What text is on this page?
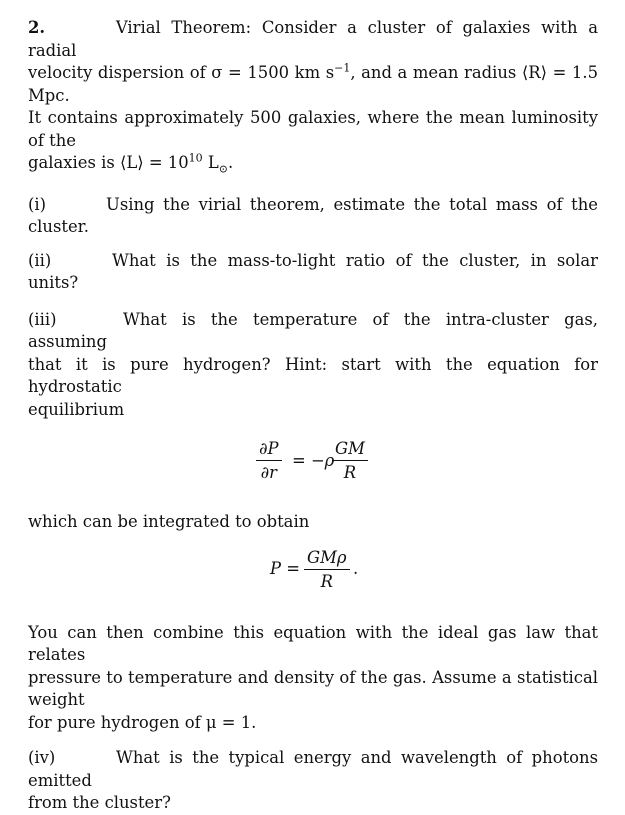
2.	Virial Theorem: Consider a cluster of galaxies with a radial
velocity dispersion of σ = 1500 km $s^{-1}$, and a mean radius ⟨R⟩ = 1.5 Mpc.
It contains approximately 500 galaxies, where the mean luminosity of the
galaxies is ⟨L⟩ = $10^{10}$ $L_⊙$.
(i)	Using the virial theorem, estimate the total mass of the cluster.
(ii)	What is the mass-to-light ratio of the cluster, in solar units?
(iii)	What is the temperature of the intra-cluster gas, assuming
that it is pure hydrogen? Hint: start with the equation for hydrostatic
equilibrium
$\frac{\partial P}{\partial r} = -\rho$
$\frac{GM}{R}$
which can be integrated to obtain
P =
GMρ
R
.
You can then combine this equation with the ideal gas law that relates
pressure to temperature and density of the gas. Assume a statistical weight
for pure hydrogen of μ = 1.
(iv)	What is the typical energy and wavelength of photons emitted
from the cluster?
